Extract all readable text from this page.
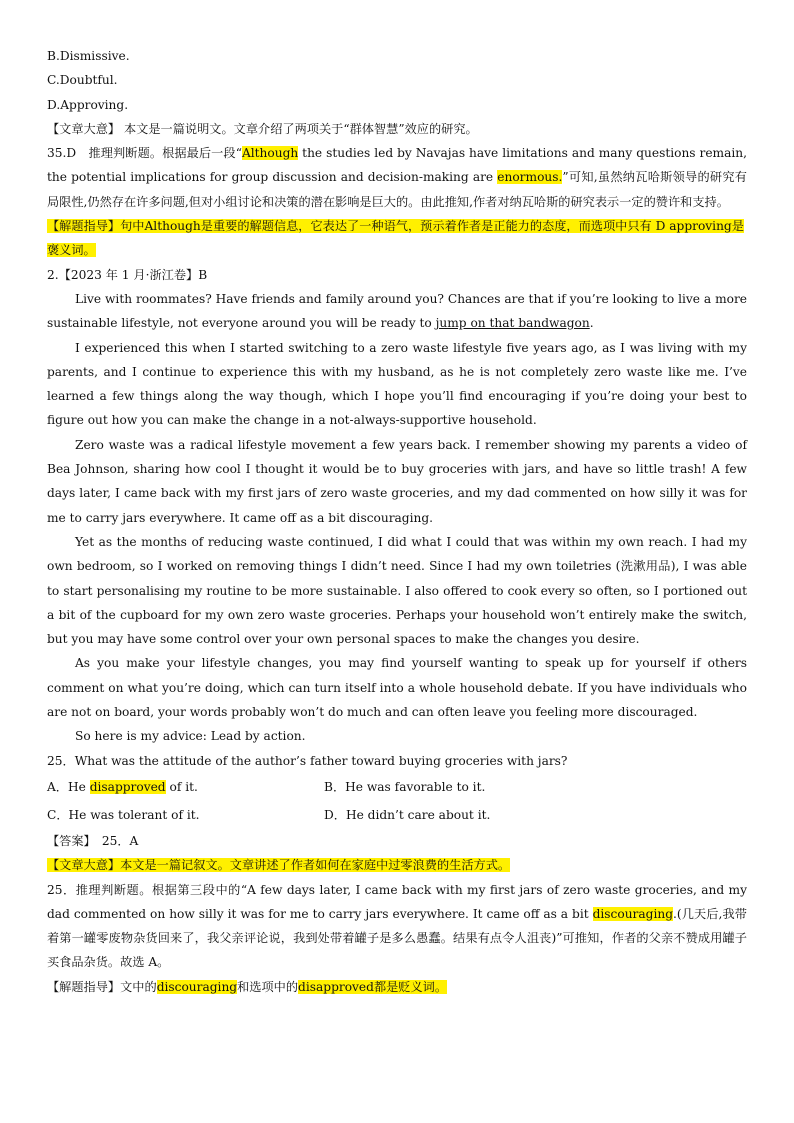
B.Dismissive.

C.Doubtful.

D.Approving.

【文章大意】 本文是一篇说明文。文章介绍了两项关于“群体智慧”效应的研究。

35.D　推理判断题。根据最后一段“Although the studies led by Navajas have limitations and many questions remain, the potential implications for group discussion and decision-making are enormous.”可知,虽然纳瓦哈斯领导的研究有局限性,仍然存在许多问题,但对小组讨论和决策的潜在影响是巨大的。由此推知,作者对纳瓦哈斯的研究表示一定的赞许和支持。

【解题指导】句中Although是重要的解题信息，它表达了一种语气，预示着作者是正能力的态度，而选项中只有 D approving是褒义词。

2.【2023 年 1 月·浙江卷】B

Live with roommates? Have friends and family around you? Chances are that if you’re looking to live a more sustainable lifestyle, not everyone around you will be ready to jump on that bandwagon.

I experienced this when I started switching to a zero waste lifestyle five years ago, as I was living with my parents, and I continue to experience this with my husband, as he is not completely zero waste like me. I’ve learned a few things along the way though, which I hope you’ll find encouraging if you’re doing your best to figure out how you can make the change in a not-always-supportive household.

Zero waste was a radical lifestyle movement a few years back. I remember showing my parents a video of Bea Johnson, sharing how cool I thought it would be to buy groceries with jars, and have so little trash! A few days later, I came back with my first jars of zero waste groceries, and my dad commented on how silly it was for me to carry jars everywhere. It came off as a bit discouraging.

Yet as the months of reducing waste continued, I did what I could that was within my own reach. I had my own bedroom, so I worked on removing things I didn’t need. Since I had my own toiletries (洗漱用品), I was able to start personalising my routine to be more sustainable. I also offered to cook every so often, so I portioned out a bit of the cupboard for my own zero waste groceries. Perhaps your household won’t entirely make the switch, but you may have some control over your own personal spaces to make the changes you desire.

As you make your lifestyle changes, you may find yourself wanting to speak up for yourself if others comment on what you’re doing, which can turn itself into a whole household debate. If you have individuals who are not on board, your words probably won’t do much and can often leave you feeling more discouraged.

So here is my advice: Lead by action.

25．What was the attitude of the author’s father toward buying groceries with jars?

A．He disapproved of it.	B．He was favorable to it.
C．He was tolerant of it.	D．He didn’t care about it.

【答案】　25．A

【文章大意】本文是一篇记叙文。文章讲述了作者如何在家庭中过零浪费的生活方式。

25．推理判断题。根据第三段中的“A few days later, I came back with my first jars of zero waste groceries, and my dad commented on how silly it was for me to carry jars everywhere. It came off as a bit discouraging.(几天后,我带着第一罐零废物杂货回来了，我父亲评论说，我到处带着罐子是多么愚蠢。结果有点令人沮丧)”可推知，作者的父亲不赞成用罐子买食品杂货。故选 A。

【解题指导】文中的discouraging和选项中的disapproved都是贬义词。
